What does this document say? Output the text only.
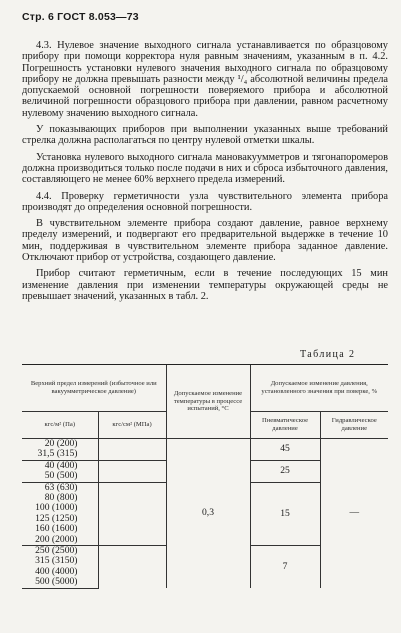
Стр. 6 ГОСТ 8.053—73

4.3. Нулевое значение выходного сигнала устанавливается по образцовому прибору при помощи корректора нуля равным значениям, указанным в п. 4.2. Погрешность установки нулевого значения выходного сигнала по образцовому прибору не должна превышать разности между ¹/₄ абсолютной величины предела допускаемой основной погрешности поверяемого прибора и абсолютной величиной погрешности образцового прибора при давлении, равном расчетному нулевому значению выходного сигнала.

У показывающих приборов при выполнении указанных выше требований стрелка должна располагаться по центру нулевой отметки шкалы.

Установка нулевого выходного сигнала мановакуумметров и тягонапоромеров должна производиться только после подачи в них и сброса избыточного давления, составляющего не менее 60% верхнего предела измерений.

4.4. Проверку герметичности узла чувствительного элемента прибора производят до определения основной погрешности.

В чувствительном элементе прибора создают давление, равное верхнему пределу измерений, и подвергают его предварительной выдержке в течение 10 мин, поддерживая в чувствительном элементе прибора заданное давление. Отключают прибор от устройства, создающего давление.

Прибор считают герметичным, если в течение последующих 15 мин изменение давления при изменении температуры окружающей среды не превышает значений, указанных в табл. 2.

Таблица 2
Верхний предел измерений (избыточное или вакуумметрическое давление)		Допускаемое изменение температуры в процессе испытаний, °С	Допускаемое изменение давления, установленного значения при поверке, %	
кгс/м² (Па)	кгс/см² (МПа)		Пневматическое давление	Гидравлическое давление
20 (200)		0,3	45	—
31,5 (315)				
40 (400)			25	
50 (500)				
63 (630)			15	
80 (800)				
100 (1000)				
125 (1250)				
160 (1600)				
200 (2000)				
250 (2500)			7	
315 (3150)				
400 (4000)				
500 (5000)				
